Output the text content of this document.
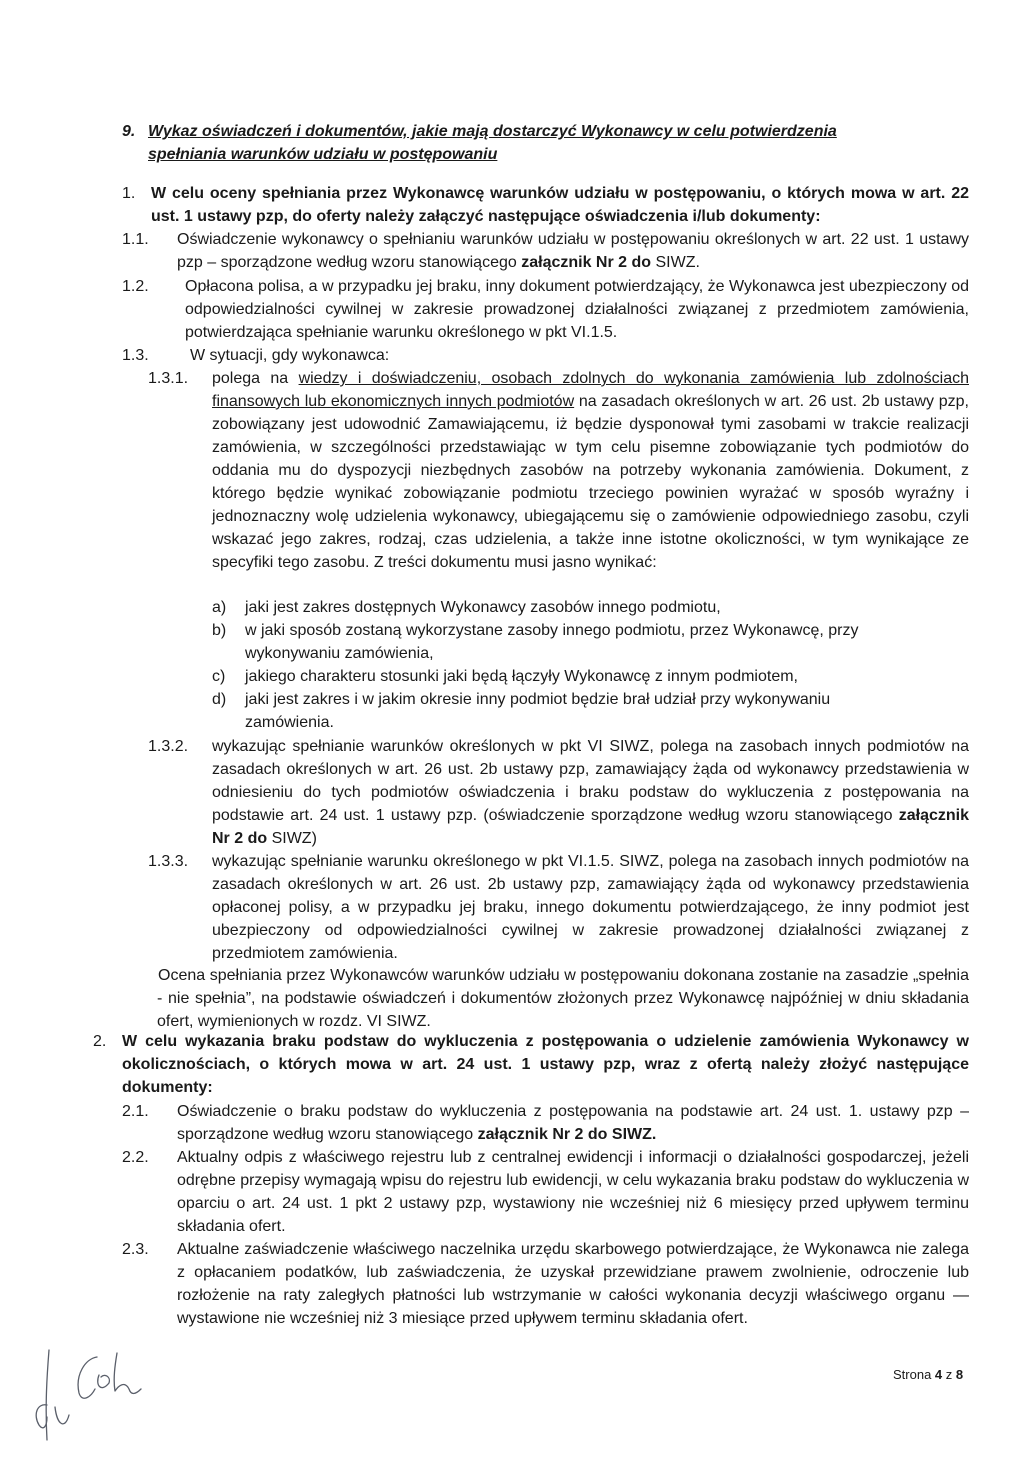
9. Wykaz oświadczeń i dokumentów, jakie mają dostarczyć Wykonawcy w celu potwierdzenia
spełniania warunków udziału w postępowaniu
1. W celu oceny spełniania przez Wykonawcę warunków udziału w postępowaniu, o których mowa w art. 22 ust. 1 ustawy pzp, do oferty należy załączyć następujące oświadczenia i/lub dokumenty:
1.1. Oświadczenie wykonawcy o spełnianiu warunków udziału w postępowaniu określonych w art. 22 ust. 1 ustawy pzp – sporządzone według wzoru stanowiącego załącznik Nr 2 do SIWZ.
1.2. Opłacona polisa, a w przypadku jej braku, inny dokument potwierdzający, że Wykonawca jest ubezpieczony od odpowiedzialności cywilnej w zakresie prowadzonej działalności związanej z przedmiotem zamówienia, potwierdzająca spełnianie warunku określonego w pkt VI.1.5.
1.3.	W sytuacji, gdy wykonawca:
1.3.1. polega na wiedzy i doświadczeniu, osobach zdolnych do wykonania zamówienia lub zdolnościach finansowych lub ekonomicznych innych podmiotów na zasadach określonych w art. 26 ust. 2b ustawy pzp, zobowiązany jest udowodnić Zamawiającemu, iż będzie dysponował tymi zasobami w trakcie realizacji zamówienia, w szczególności przedstawiając w tym celu pisemne zobowiązanie tych podmiotów do oddania mu do dyspozycji niezbędnych zasobów na potrzeby wykonania zamówienia. Dokument, z którego będzie wynikać zobowiązanie podmiotu trzeciego powinien wyrażać w sposób wyraźny i jednoznaczny wolę udzielenia wykonawcy, ubiegającemu się o zamówienie odpowiedniego zasobu, czyli wskazać jego zakres, rodzaj, czas udzielenia, a także inne istotne okoliczności, w tym wynikające ze specyfiki tego zasobu. Z treści dokumentu musi jasno wynikać:
a)	jaki jest zakres dostępnych Wykonawcy zasobów innego podmiotu,
b)	w jaki sposób zostaną wykorzystane zasoby innego podmiotu, przez Wykonawcę, przy wykonywaniu zamówienia,
c)	jakiego charakteru stosunki jaki będą łączyły Wykonawcę z innym podmiotem,
d)	jaki jest zakres i w jakim okresie inny podmiot będzie brał udział przy wykonywaniu zamówienia.
1.3.2. wykazując spełnianie warunków określonych w pkt VI SIWZ, polega na zasobach innych podmiotów na zasadach określonych w art. 26 ust. 2b ustawy pzp, zamawiający żąda od wykonawcy przedstawienia w odniesieniu do tych podmiotów oświadczenia i braku podstaw do wykluczenia z postępowania na podstawie art. 24 ust. 1 ustawy pzp. (oświadczenie sporządzone według wzoru stanowiącego załącznik Nr 2 do SIWZ)
1.3.3. wykazując spełnianie warunku określonego w pkt VI.1.5. SIWZ, polega na zasobach innych podmiotów na zasadach określonych w art. 26 ust. 2b ustawy pzp, zamawiający żąda od wykonawcy przedstawienia opłaconej polisy, a w przypadku jej braku, innego dokumentu potwierdzającego, że inny podmiot jest ubezpieczony od odpowiedzialności cywilnej w zakresie prowadzonej działalności związanej z przedmiotem zamówienia.
Ocena spełniania przez Wykonawców warunków udziału w postępowaniu dokonana zostanie na zasadzie „spełnia - nie spełnia”, na podstawie oświadczeń i dokumentów złożonych przez Wykonawcę najpóźniej w dniu składania ofert, wymienionych w rozdz. VI SIWZ.
2. W celu wykazania braku podstaw do wykluczenia z postępowania o udzielenie zamówienia Wykonawcy w okolicznościach, o których mowa w art. 24 ust. 1 ustawy pzp, wraz z ofertą należy złożyć następujące dokumenty:
2.1. Oświadczenie o braku podstaw do wykluczenia z postępowania na podstawie art. 24 ust. 1. ustawy pzp – sporządzone według wzoru stanowiącego załącznik Nr 2 do SIWZ.
2.2. Aktualny odpis z właściwego rejestru lub z centralnej ewidencji i informacji o działalności gospodarczej, jeżeli odrębne przepisy wymagają wpisu do rejestru lub ewidencji, w celu wykazania braku podstaw do wykluczenia w oparciu o art. 24 ust. 1 pkt 2 ustawy pzp, wystawiony nie wcześniej niż 6 miesięcy przed upływem terminu składania ofert.
2.3. Aktualne zaświadczenie właściwego naczelnika urzędu skarbowego potwierdzające, że Wykonawca nie zalega z opłacaniem podatków, lub zaświadczenia, że uzyskał przewidziane prawem zwolnienie, odroczenie lub rozłożenie na raty zaległych płatności lub wstrzymanie w całości wykonania decyzji właściwego organu — wystawione nie wcześniej niż 3 miesiące przed upływem terminu składania ofert.
Strona 4 z 8
